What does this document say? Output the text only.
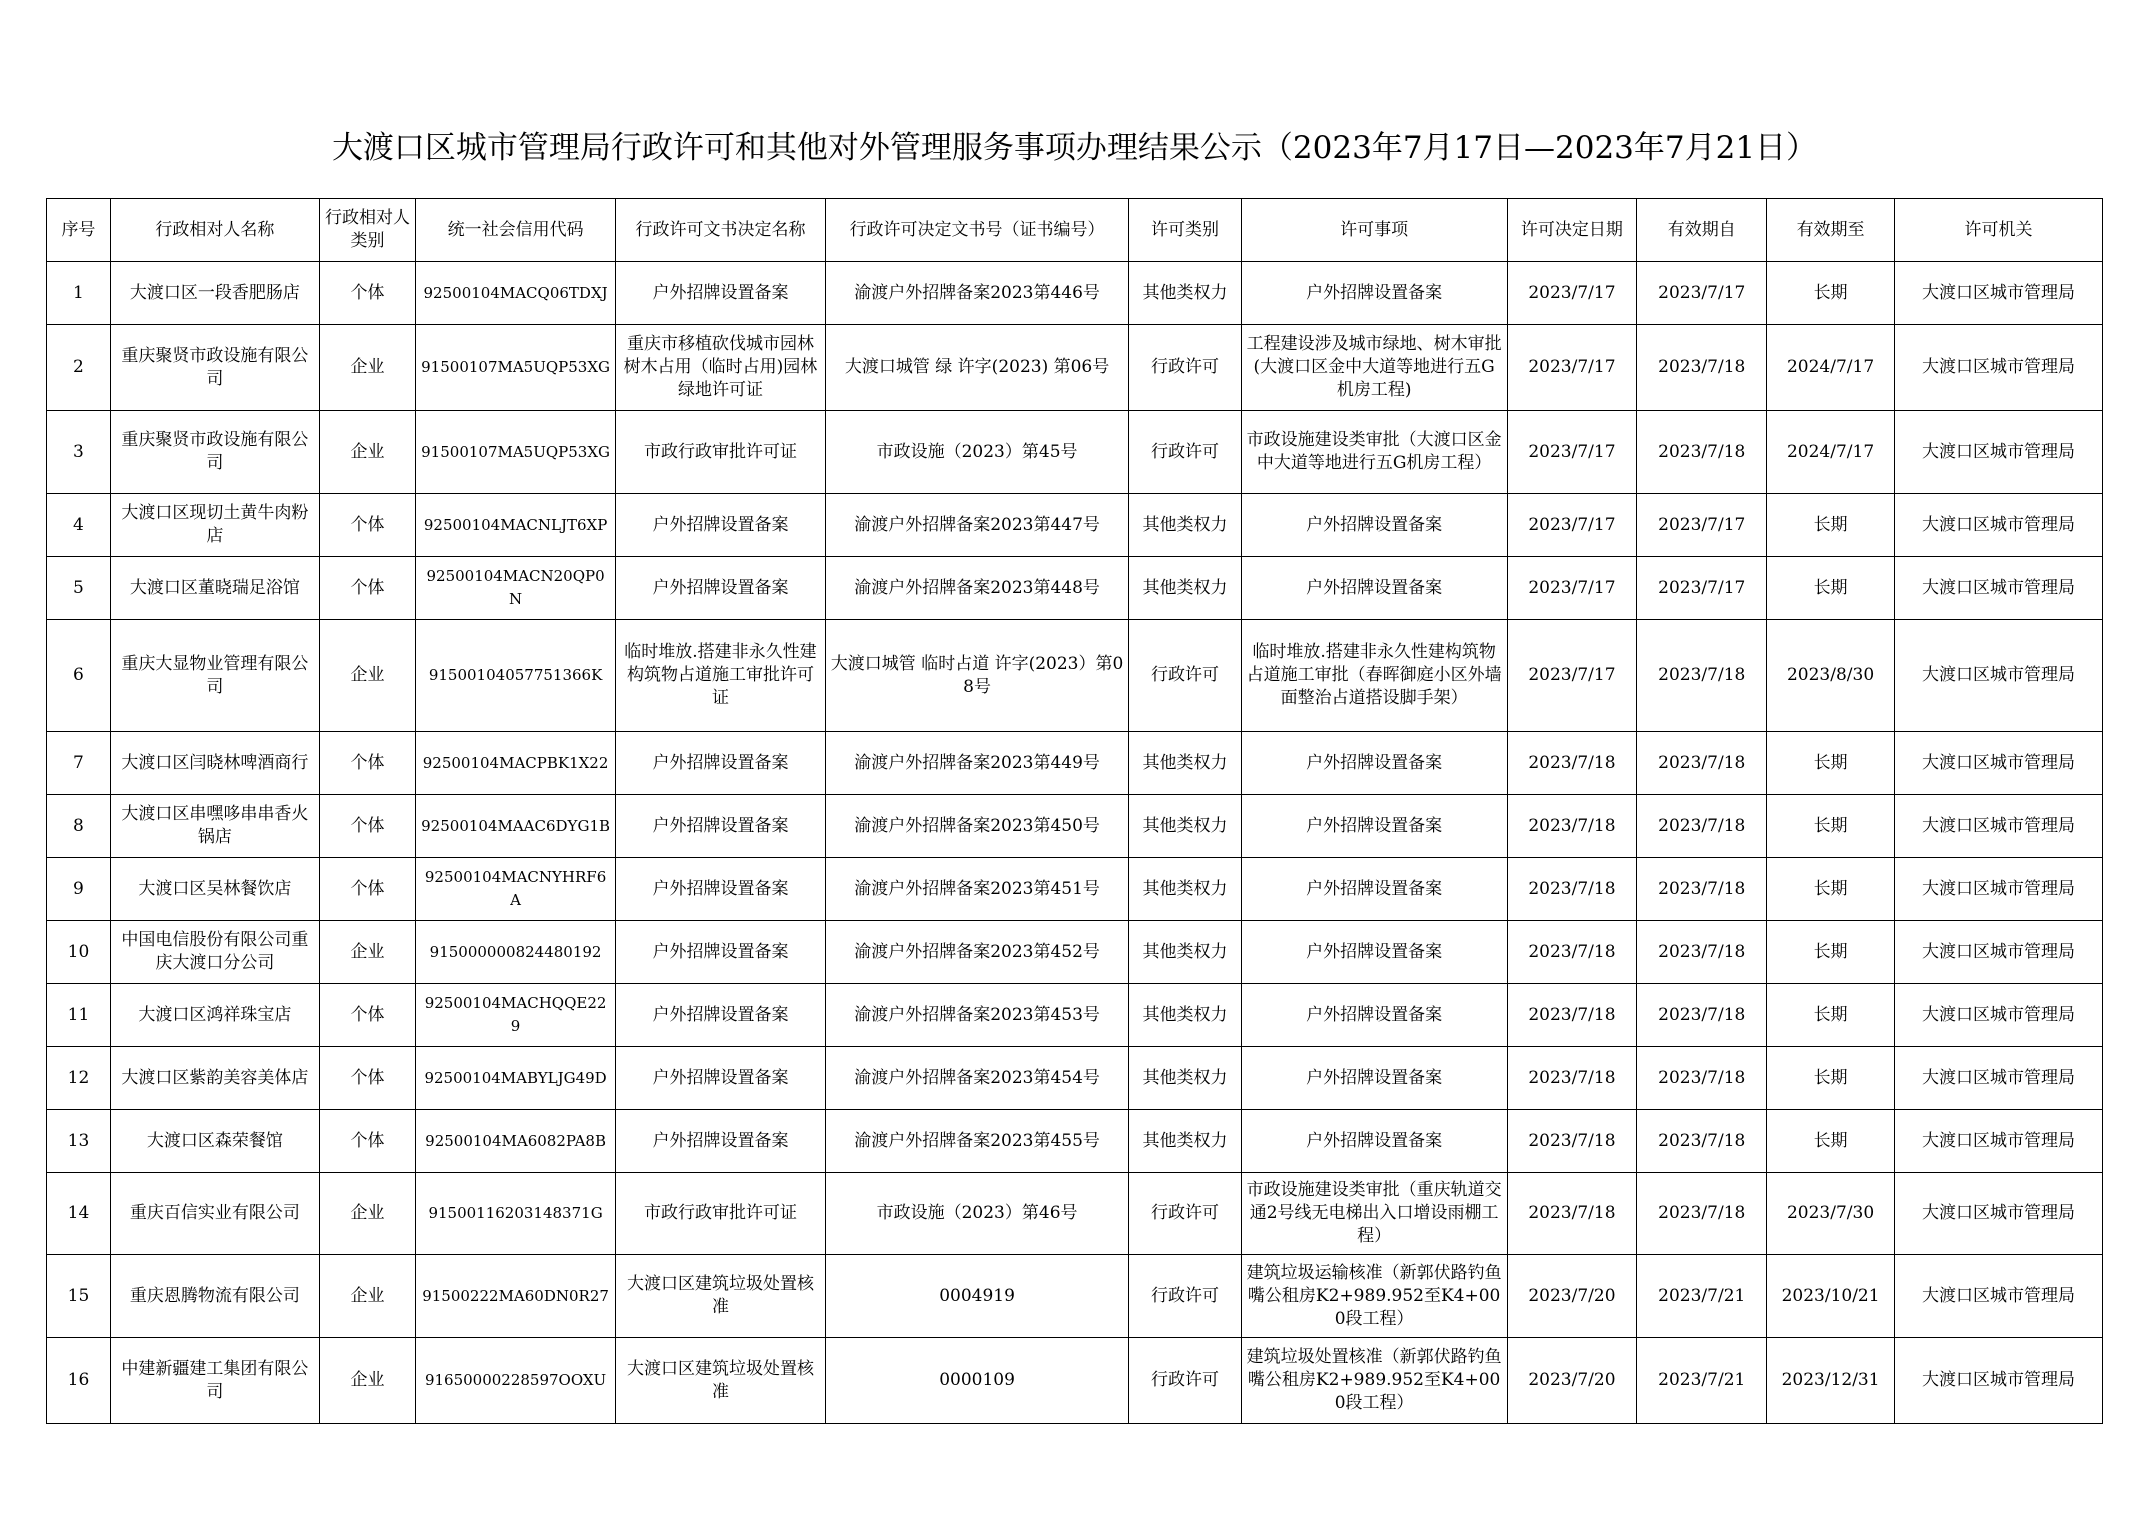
大渡口区城市管理局行政许可和其他对外管理服务事项办理结果公示（2023年7月17日—2023年7月21日）
序号	行政相对人名称	行政相对人类别	统一社会信用代码	行政许可文书决定名称	行政许可决定文书号（证书编号）	许可类别	许可事项	许可决定日期	有效期自	有效期至	许可机关
1	大渡口区一段香肥肠店	个体	92500104MACQ06TDXJ	户外招牌设置备案	渝渡户外招牌备案2023第446号	其他类权力	户外招牌设置备案	2023/7/17	2023/7/17	长期	大渡口区城市管理局
2	重庆聚贤市政设施有限公司	企业	91500107MA5UQP53XG	重庆市移植砍伐城市园林树木占用（临时占用)园林绿地许可证	大渡口城管 绿 许字(2023) 第06号	行政许可	工程建设涉及城市绿地、树木审批(大渡口区金中大道等地进行五G机房工程)	2023/7/17	2023/7/18	2024/7/17	大渡口区城市管理局
3	重庆聚贤市政设施有限公司	企业	91500107MA5UQP53XG	市政行政审批许可证	市政设施（2023）第45号	行政许可	市政设施建设类审批（大渡口区金中大道等地进行五G机房工程）	2023/7/17	2023/7/18	2024/7/17	大渡口区城市管理局
4	大渡口区现切土黄牛肉粉店	个体	92500104MACNLJT6XP	户外招牌设置备案	渝渡户外招牌备案2023第447号	其他类权力	户外招牌设置备案	2023/7/17	2023/7/17	长期	大渡口区城市管理局
5	大渡口区董晓瑞足浴馆	个体	92500104MACN20QP0N	户外招牌设置备案	渝渡户外招牌备案2023第448号	其他类权力	户外招牌设置备案	2023/7/17	2023/7/17	长期	大渡口区城市管理局
6	重庆大显物业管理有限公司	企业	91500104057751366K	临时堆放.搭建非永久性建构筑物占道施工审批许可证	大渡口城管 临时占道 许字(2023）第08号	行政许可	临时堆放.搭建非永久性建构筑物占道施工审批（春晖御庭小区外墙面整治占道搭设脚手架）	2023/7/17	2023/7/18	2023/8/30	大渡口区城市管理局
7	大渡口区闫晓林啤酒商行	个体	92500104MACPBK1X22	户外招牌设置备案	渝渡户外招牌备案2023第449号	其他类权力	户外招牌设置备案	2023/7/18	2023/7/18	长期	大渡口区城市管理局
8	大渡口区串嘿哆串串香火锅店	个体	92500104MAAC6DYG1B	户外招牌设置备案	渝渡户外招牌备案2023第450号	其他类权力	户外招牌设置备案	2023/7/18	2023/7/18	长期	大渡口区城市管理局
9	大渡口区吴林餐饮店	个体	92500104MACNYHRF6A	户外招牌设置备案	渝渡户外招牌备案2023第451号	其他类权力	户外招牌设置备案	2023/7/18	2023/7/18	长期	大渡口区城市管理局
10	中国电信股份有限公司重庆大渡口分公司	企业	915000000824480192	户外招牌设置备案	渝渡户外招牌备案2023第452号	其他类权力	户外招牌设置备案	2023/7/18	2023/7/18	长期	大渡口区城市管理局
11	大渡口区鸿祥珠宝店	个体	92500104MACHQQE229	户外招牌设置备案	渝渡户外招牌备案2023第453号	其他类权力	户外招牌设置备案	2023/7/18	2023/7/18	长期	大渡口区城市管理局
12	大渡口区紫韵美容美体店	个体	92500104MABYLJG49D	户外招牌设置备案	渝渡户外招牌备案2023第454号	其他类权力	户外招牌设置备案	2023/7/18	2023/7/18	长期	大渡口区城市管理局
13	大渡口区森荣餐馆	个体	92500104MA6082PA8B	户外招牌设置备案	渝渡户外招牌备案2023第455号	其他类权力	户外招牌设置备案	2023/7/18	2023/7/18	长期	大渡口区城市管理局
14	重庆百信实业有限公司	企业	91500116203148371G	市政行政审批许可证	市政设施（2023）第46号	行政许可	市政设施建设类审批（重庆轨道交通2号线无电梯出入口增设雨棚工程）	2023/7/18	2023/7/18	2023/7/30	大渡口区城市管理局
15	重庆恩腾物流有限公司	企业	91500222MA60DN0R27	大渡口区建筑垃圾处置核准	0004919	行政许可	建筑垃圾运输核准（新郭伏路钓鱼嘴公租房K2+989.952至K4+000段工程）	2023/7/20	2023/7/21	2023/10/21	大渡口区城市管理局
16	中建新疆建工集团有限公司	企业	91650000228597OOXU	大渡口区建筑垃圾处置核准	0000109	行政许可	建筑垃圾处置核准（新郭伏路钓鱼嘴公租房K2+989.952至K4+000段工程）	2023/7/20	2023/7/21	2023/12/31	大渡口区城市管理局
